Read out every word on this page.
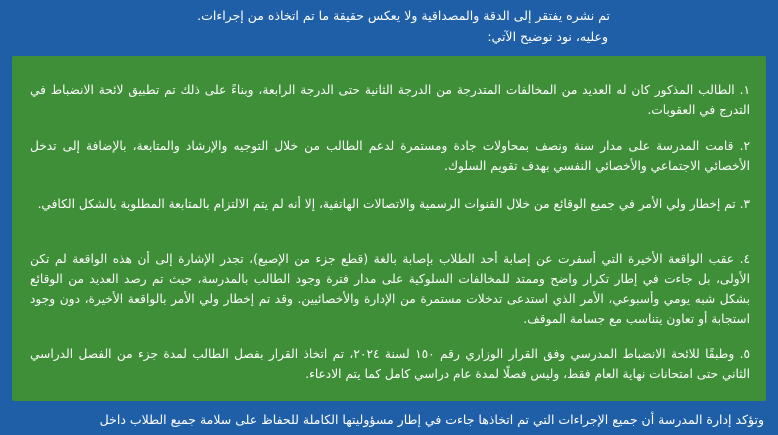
تم نشره يفتقر إلى الدقة والمصداقية ولا يعكس حقيقة ما تم اتخاذه من إجراءات.
وعليه، نود توضيح الآتي:
١. الطالب المذكور كان له العديد من المخالفات المتدرجة من الدرجة الثانية حتى الدرجة الرابعة، وبناءً على ذلك تم تطبيق لائحة الانضباط في التدرج في العقوبات.
٢. قامت المدرسة على مدار سنة ونصف بمحاولات جادة ومستمرة لدعم الطالب من خلال التوجيه والإرشاد والمتابعة، بالإضافة إلى تدخل الأخصائي الاجتماعي والأخصائي النفسي بهدف تقويم السلوك.
٣. تم إخطار ولي الأمر في جميع الوقائع من خلال القنوات الرسمية والاتصالات الهاتفية، إلا أنه لم يتم الالتزام بالمتابعة المطلوبة بالشكل الكافي.
٤. عقب الواقعة الأخيرة التي أسفرت عن إصابة أحد الطلاب بإصابة بالغة (قطع جزء من الإصبع)، تجدر الإشارة إلى أن هذه الواقعة لم تكن الأولى، بل جاءت في إطار تكرار واضح وممتد للمخالفات السلوكية على مدار فترة وجود الطالب بالمدرسة، حيث تم رصد العديد من الوقائع بشكل شبه يومي وأسبوعي، الأمر الذي استدعى تدخلات مستمرة من الإدارة والأخصائيين. وقد تم إخطار ولي الأمر بالواقعة الأخيرة، دون وجود استجابة أو تعاون يتناسب مع جسامة الموقف.
٥. وطبقًا للائحة الانضباط المدرسي وفق القرار الوزاري رقم ١٥٠ لسنة ٢٠٢٤، تم اتخاذ القرار بفصل الطالب لمدة جزء من الفصل الدراسي الثاني حتى امتحانات نهاية العام فقط، وليس فصلًا لمدة عام دراسي كامل كما يتم الادعاء.
وتؤكد إدارة المدرسة أن جميع الإجراءات التي تم اتخاذها جاءت في إطار مسؤوليتها الكاملة للحفاظ على سلامة جميع الطلاب داخل
